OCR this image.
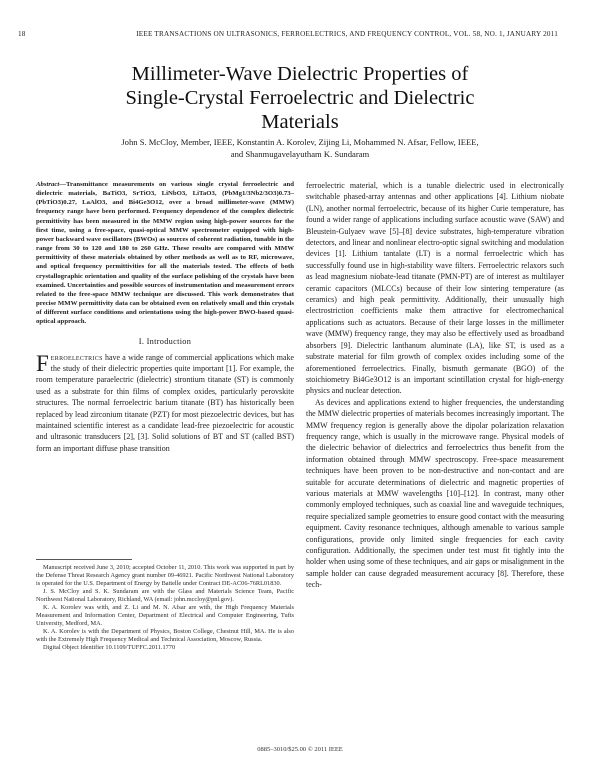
18	IEEE TRANSACTIONS ON ULTRASONICS, FERROELECTRICS, AND FREQUENCY CONTROL, VOL. 58, NO. 1, JANUARY 2011
Millimeter-Wave Dielectric Properties of
Single-Crystal Ferroelectric and Dielectric
Materials
John S. McCloy, Member, IEEE, Konstantin A. Korolev, Zijing Li, Mohammed N. Afsar, Fellow, IEEE,
and Shanmugavelayutham K. Sundaram
Abstract—Transmittance measurements on various single crystal ferroelectric and dielectric materials, BaTiO3, SrTiO3, LiNbO3, LiTaO3, (PbMg1/3Nb2/3O3)0.73–(PbTiO3)0.27, LaAlO3, and Bi4Ge3O12, over a broad millimeter-wave (MMW) frequency range have been performed. Frequency dependence of the complex dielectric permittivity has been measured in the MMW region using high-power sources for the first time, using a free-space, quasi-optical MMW spectrometer equipped with high-power backward wave oscillators (BWOs) as sources of coherent radiation, tunable in the range from 30 to 120 and 180 to 260 GHz. These results are compared with MMW permittivity of these materials obtained by other methods as well as to RF, microwave, and optical frequency permittivities for all the materials tested. The effects of both crystallographic orientation and quality of the surface polishing of the crystals have been examined. Uncertainties and possible sources of instrumentation and measurement errors related to the free-space MMW technique are discussed. This work demonstrates that precise MMW permittivity data can be obtained even on relatively small and thin crystals of different surface conditions and orientations using the high-power BWO-based quasi-optical approach.
I. Introduction

Ferroelectrics have a wide range of commercial applications which make the study of their dielectric properties quite important [1]. For example, the room temperature paraelectric (dielectric) strontium titanate (ST) is commonly used as a substrate for thin films of complex oxides, particularly perovskite structures. The normal ferroelectric barium titanate (BT) has historically been replaced by lead zirconium titanate (PZT) for most piezoelectric devices, but has maintained scientific interest as a candidate lead-free piezoelectric for acoustic and ultrasonic transducers [2], [3]. Solid solutions of BT and ST (called BST) form an important diffuse phase transition

Manuscript received June 3, 2010; accepted October 11, 2010. This work was supported in part by the Defense Threat Research Agency grant number 09-46921. Pacific Northwest National Laboratory is operated for the U.S. Department of Energy by Battelle under Contract DE-AC06-76RL01830.

J. S. McCloy and S. K. Sundaram are with the Glass and Materials Science Team, Pacific Northwest National Laboratory, Richland, WA (email: john.mccloy@pnl.gov).

K. A. Korolev was with, and Z. Li and M. N. Afsar are with, the High Frequency Materials Measurement and Information Center, Department of Electrical and Computer Engineering, Tufts University, Medford, MA.

K. A. Korolev is with the Department of Physics, Boston College, Chestnut Hill, MA. He is also with the Extremely High Frequency Medical and Technical Association, Moscow, Russia.

Digital Object Identifier 10.1109/TUFFC.2011.1770

ferroelectric material, which is a tunable dielectric used in electronically switchable phased-array antennas and other applications [4]. Lithium niobate (LN), another normal ferroelectric, because of its higher Curie temperature, has found a wider range of applications including surface acoustic wave (SAW) and Bleustein-Gulyaev wave [5]–[8] device substrates, high-temperature vibration detectors, and linear and nonlinear electro-optic signal switching and modulation devices [1]. Lithium tantalate (LT) is a normal ferroelectric which has successfully found use in high-stability wave filters. Ferroelectric relaxors such as lead magnesium niobate-lead titanate (PMN-PT) are of interest as multilayer ceramic capacitors (MLCCs) because of their low sintering temperature (as ceramics) and high peak permittivity. Additionally, their unusually high electrostriction coefficients make them attractive for electromechanical applications such as actuators. Because of their large losses in the millimeter wave (MMW) frequency range, they may also be effectively used as broadband absorbers [9]. Dielectric lanthanum aluminate (LA), like ST, is used as a substrate material for film growth of complex oxides including some of the aforementioned ferroelectrics. Finally, bismuth germanate (BGO) of the stoichiometry Bi4Ge3O12 is an important scintillation crystal for high-energy physics and nuclear detection.

As devices and applications extend to higher frequencies, the understanding the MMW dielectric properties of materials becomes increasingly important. The MMW frequency region is generally above the dipolar polarization relaxation frequency range, which is usually in the microwave range. Physical models of the dielectric behavior of dielectrics and ferroelectrics thus benefit from the information obtained through MMW spectroscopy. Free-space measurement techniques have been proven to be non-destructive and non-contact and are suitable for accurate determinations of dielectric and magnetic properties of various materials at MMW wavelengths [10]–[12]. In contrast, many other commonly employed techniques, such as coaxial line and waveguide techniques, require specialized sample geometries to ensure good contact with the measuring equipment. Cavity resonance techniques, although amenable to various sample configurations, provide only limited single frequencies for each cavity configuration. Additionally, the specimen under test must fit tightly into the holder when using some of these techniques, and air gaps or misalignment in the sample holder can cause degraded measurement accuracy [8]. Therefore, these tech-

0885–3010/$25.00 © 2011 IEEE
